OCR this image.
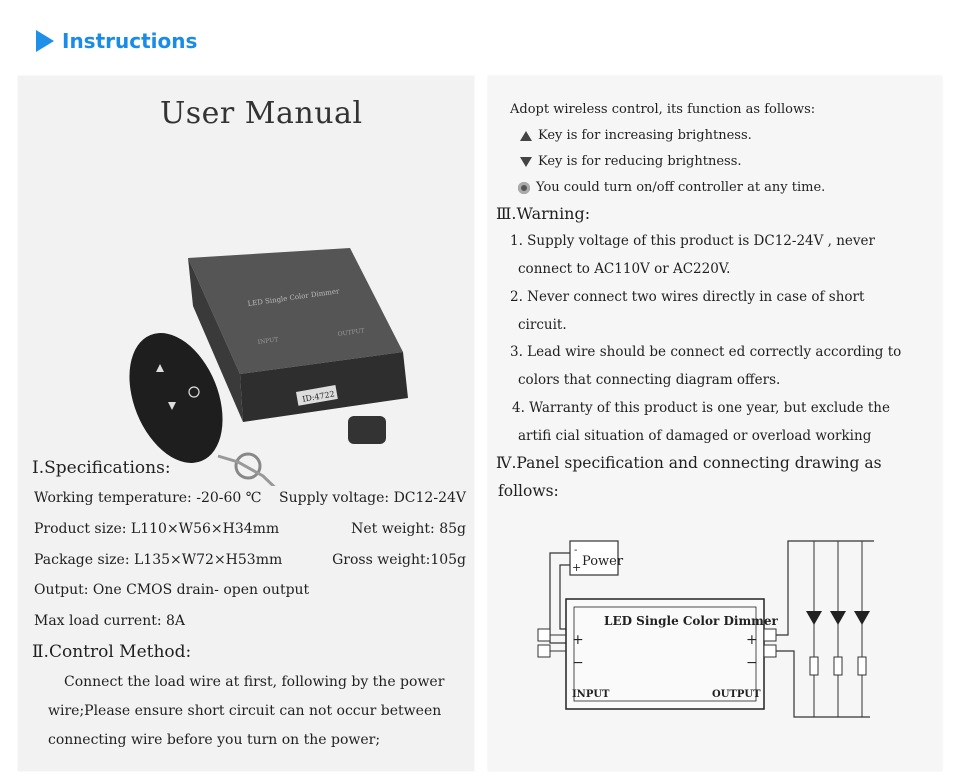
Instructions
User Manual
LED Single Color Dimmer
ID:4722
INPUT
OUTPUT
Ⅰ.Specifications:
Working temperature: -20-60 ℃ Supply voltage: DC12-24V
Product size: L110×W56×H34mm	Net weight: 85g
Package size: L135×W72×H53mm	Gross weight:105g
Output: One CMOS drain- open output
Max load current: 8A
Ⅱ.Control Method:
Connect the load wire at first, following by the power
wire;Please ensure short circuit can not occur between
connecting wire before you turn on the power;
Adopt wireless control, its function as follows:
Key is for increasing brightness.
Key is for reducing brightness.
You could turn on/off controller at any time.
Ⅲ.Warning:
1. Supply voltage of this product is DC12-24V , never
connect to AC110V or AC220V.
2. Never connect two wires directly in case of short
circuit.
3. Lead wire should be connect ed correctly according to
colors that connecting diagram offers.
4. Warranty of this product is one year, but exclude the
artifi cial situation of damaged or overload working
Ⅳ.Panel specification and connecting drawing as
follows:
-
+ Power
LED Single Color Dimmer
+
−
+
−
INPUT	OUTPUT
